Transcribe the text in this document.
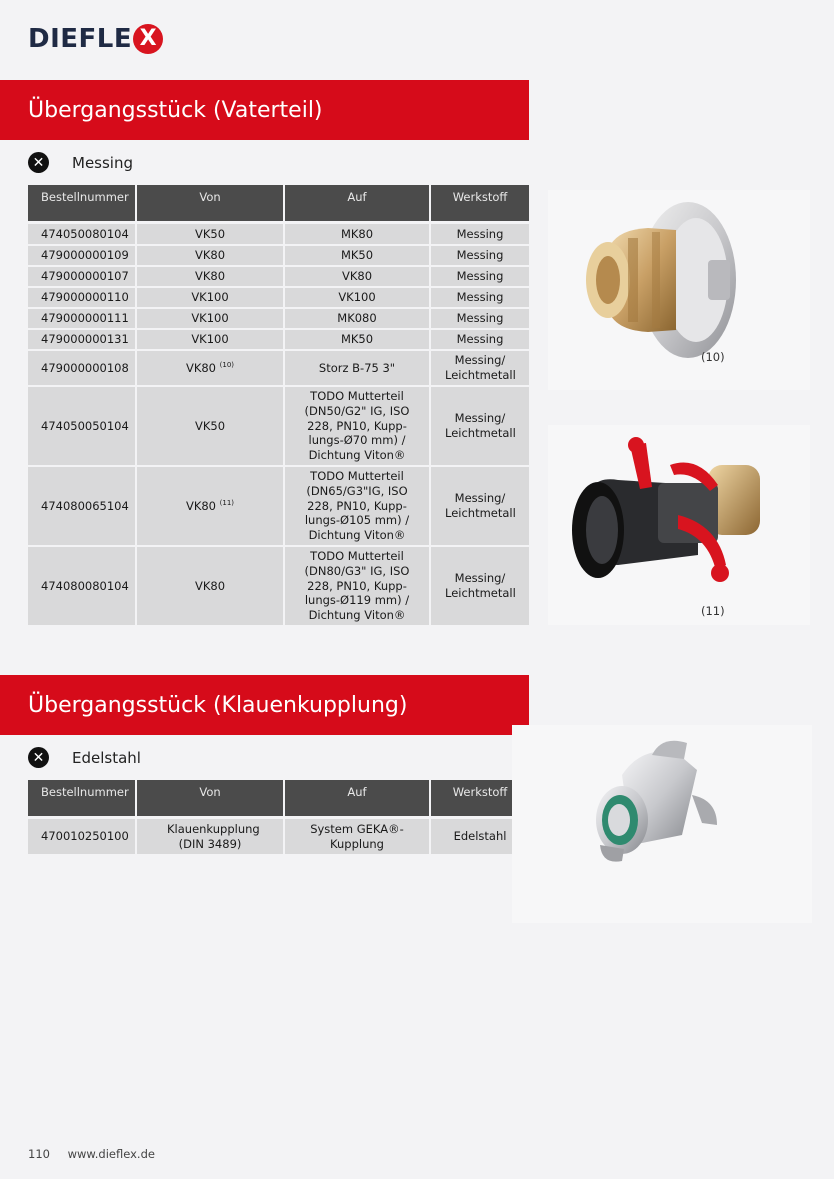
DIEFLE X
Übergangsstück (Vaterteil)
✕	Messing
Bestellnummer	Von	Auf	Werkstoff

474050080104	VK50	MK80	Messing
479000000109	VK80	MK50	Messing
479000000107	VK80	VK80	Messing
479000000110	VK100	VK100	Messing
479000000111	VK100	MK080	Messing
479000000131	VK100	MK50	Messing
479000000108	VK80 $^{(10)}$	Storz B-75 3"	Messing/ Leichtmetall
474050050104	VK50	TODO Mutterteil (DN50/G2" IG, ISO 228, PN10, Kupp-lungs-Ø70 mm) / Dichtung Viton®	Messing/ Leichtmetall
474080065104	VK80 $^{(11)}$	TODO Mutterteil (DN65/G3"IG, ISO 228, PN10, Kupp-lungs-Ø105 mm) / Dichtung Viton®	Messing/ Leichtmetall
474080080104	VK80	TODO Mutterteil (DN80/G3" IG, ISO 228, PN10, Kupp-lungs-Ø119 mm) / Dichtung Viton®	Messing/ Leichtmetall
(10)
(11)
Übergangsstück (Klauenkupplung)
✕	Edelstahl
Bestellnummer	Von	Auf	Werkstoff

470010250100	Klauenkupplung (DIN 3489)	System GEKA®-Kupplung	Edelstahl
110 www.dieflex.de
